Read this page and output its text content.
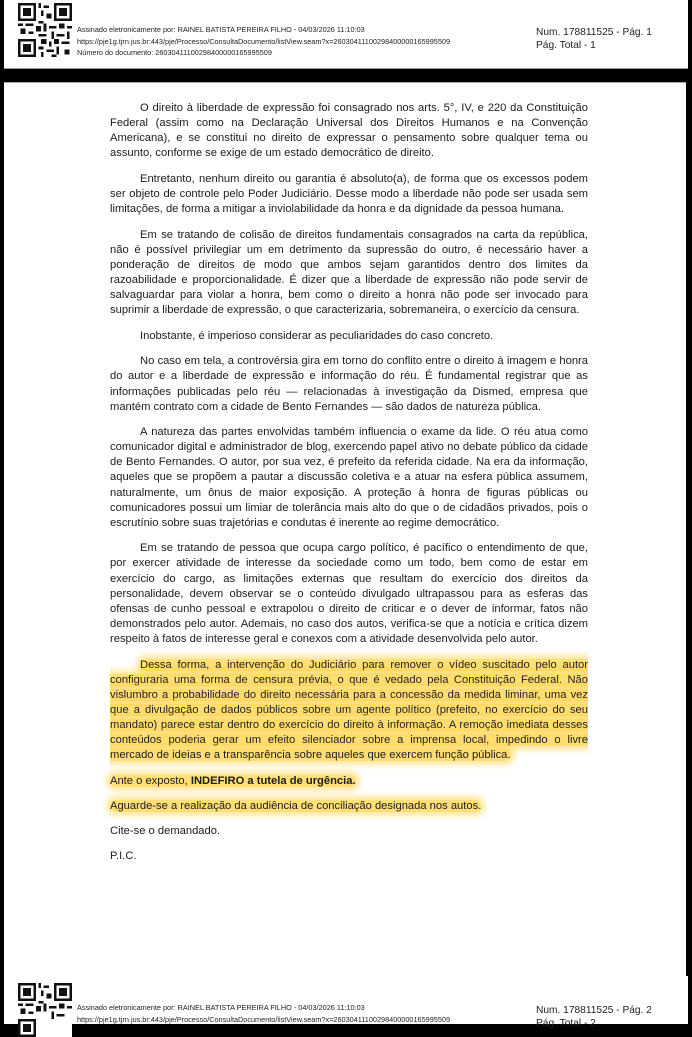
Assinado eletronicamente por: RAINEL BATISTA PEREIRA FILHO - 04/03/2026 11:10:03
https://pje1g.tjrn.jus.br:443/pje/Processo/ConsultaDocumento/listView.seam?x=26030411100298400000165995509
Número do documento: 26030411100298400000165995509
Num. 178811525 - Pág. 1
Pág. Total - 1

O direito à liberdade de expressão foi consagrado nos arts. 5°, IV, e 220 da Constituição Federal (assim como na Declaração Universal dos Direitos Humanos e na Convenção Americana), e se constitui no direito de expressar o pensamento sobre qualquer tema ou assunto, conforme se exige de um estado democrático de direito.

Entretanto, nenhum direito ou garantia é absoluto(a), de forma que os excessos podem ser objeto de controle pelo Poder Judiciário. Desse modo a liberdade não pode ser usada sem limitações, de forma a mitigar a inviolabilidade da honra e da dignidade da pessoa humana.

Em se tratando de colisão de direitos fundamentais consagrados na carta da república, não é possível privilegiar um em detrimento da supressão do outro, é necessário haver a ponderação de direitos de modo que ambos sejam garantidos dentro dos limites da razoabilidade e proporcionalidade. É dizer que a liberdade de expressão não pode servir de salvaguardar para violar a honra, bem como o direito a honra não pode ser invocado para suprimir a liberdade de expressão, o que caracterizaria, sobremaneira, o exercício da censura.

Inobstante, é imperioso considerar as peculiaridades do caso concreto.

No caso em tela, a controvérsia gira em torno do conflito entre o direito à imagem e honra do autor e a liberdade de expressão e informação do réu. É fundamental registrar que as informações publicadas pelo réu — relacionadas à investigação da Dismed, empresa que mantém contrato com a cidade de Bento Fernandes — são dados de natureza pública.

A natureza das partes envolvidas também influencia o exame da lide. O réu atua como comunicador digital e administrador de blog, exercendo papel ativo no debate público da cidade de Bento Fernandes. O autor, por sua vez, é prefeito da referida cidade. Na era da informação, aqueles que se propõem a pautar a discussão coletiva e a atuar na esfera pública assumem, naturalmente, um ônus de maior exposição. A proteção à honra de figuras públicas ou comunicadores possui um limiar de tolerância mais alto do que o de cidadãos privados, pois o escrutínio sobre suas trajetórias e condutas é inerente ao regime democrático.

Em se tratando de pessoa que ocupa cargo político, é pacífico o entendimento de que, por exercer atividade de interesse da sociedade como um todo, bem como de estar em exercício do cargo, as limitações externas que resultam do exercício dos direitos da personalidade, devem observar se o conteúdo divulgado ultrapassou para as esferas das ofensas de cunho pessoal e extrapolou o direito de criticar e o dever de informar, fatos não demonstrados pelo autor. Ademais, no caso dos autos, verifica-se que a notícia e crítica dizem respeito à fatos de interesse geral e conexos com a atividade desenvolvida pelo autor.

Dessa forma, a intervenção do Judiciário para remover o vídeo suscitado pelo autor configuraria uma forma de censura prévia, o que é vedado pela Constituição Federal. Não vislumbro a probabilidade do direito necessária para a concessão da medida liminar, uma vez que a divulgação de dados públicos sobre um agente político (prefeito, no exercício do seu mandato) parece estar dentro do exercício do direito à informação. A remoção imediata desses conteúdos poderia gerar um efeito silenciador sobre a imprensa local, impedindo o livre mercado de ideias e a transparência sobre aqueles que exercem função pública.

Ante o exposto, INDEFIRO a tutela de urgência.

Aguarde-se a realização da audiência de conciliação designada nos autos.

Cite-se o demandado.

P.I.C.

Assinado eletronicamente por: RAINEL BATISTA PEREIRA FILHO - 04/03/2026 11:10:03
https://pje1g.tjrn.jus.br:443/pje/Processo/ConsultaDocumento/listView.seam?x=26030411100298400000165995509
Num. 178811525 - Pág. 2
Pág. Total - 2
